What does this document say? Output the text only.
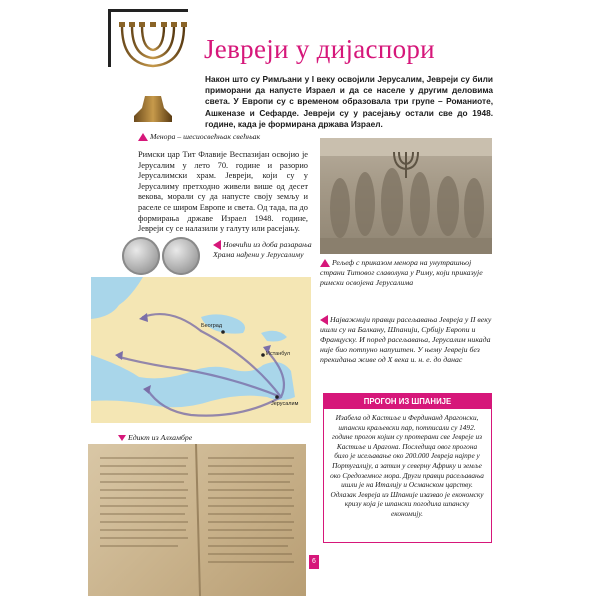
Јевреји у дијаспори
Након што су Римљани у I веку освојили Јерусалим, Јевреји су били приморани да напусте Израел и да се населе у другим деловима света. У Европи су с временом образовала три групе – Романиоте, Ашкеназе и Сефарде. Јевреји су у расејању остали све до 1948. године, када је формирана држава Израел.
Менора – шесиосвећњак свећњак
Римски цар Тит Флавије Веспазијан освојио је Јерусалим у лето 70. године и разорио Јерусалимски храм. Јевреји, који су у Јерусалиму претходно живели више од десет векова, морали су да напусте своју земљу и раселе се широм Европе и света. Од тада, па до формирања државе Израел 1948. године, Јевреји су се налазили у галуту или расејању.
Новчићи из доба разарања Храма нађени у Јерусалиму
Рељеф с приказом менора на унутрашњој страни Титовог славолука у Риму, који приказује римски освојена Јерусалима
Београд
Истанбул
Јерусалим
Најважнији правци расељавања Јевреја у II веку ишли су на Балкану, Шпанији, Србију Европи и Француску. И поред расељавања, Јерусалим никада није био потпуно напуштен. У њему Јевреји без прекидања живе од X века и. н. е. до данас
ПРОГОН ИЗ ШПАНИЈЕ
Изабела од Кастиље и Фердинанд Арагонски, шпански краљевски пар, потписали су 1492. године прогон којим су протерани све Јевреје из Кастиље и Арагона. Последица овог прогона било је исељавање око 200.000 Јевреја најпре у Португалију, а затим у северну Африку и земље око Средоземног мора. Други правци расељавања ишли је на Италију и Османском царству. Одлазак Јевреја из Шпаније изазвао је економску кризу која је шпански погодила шпанску економију.
Едикт из Алхамбре
6
